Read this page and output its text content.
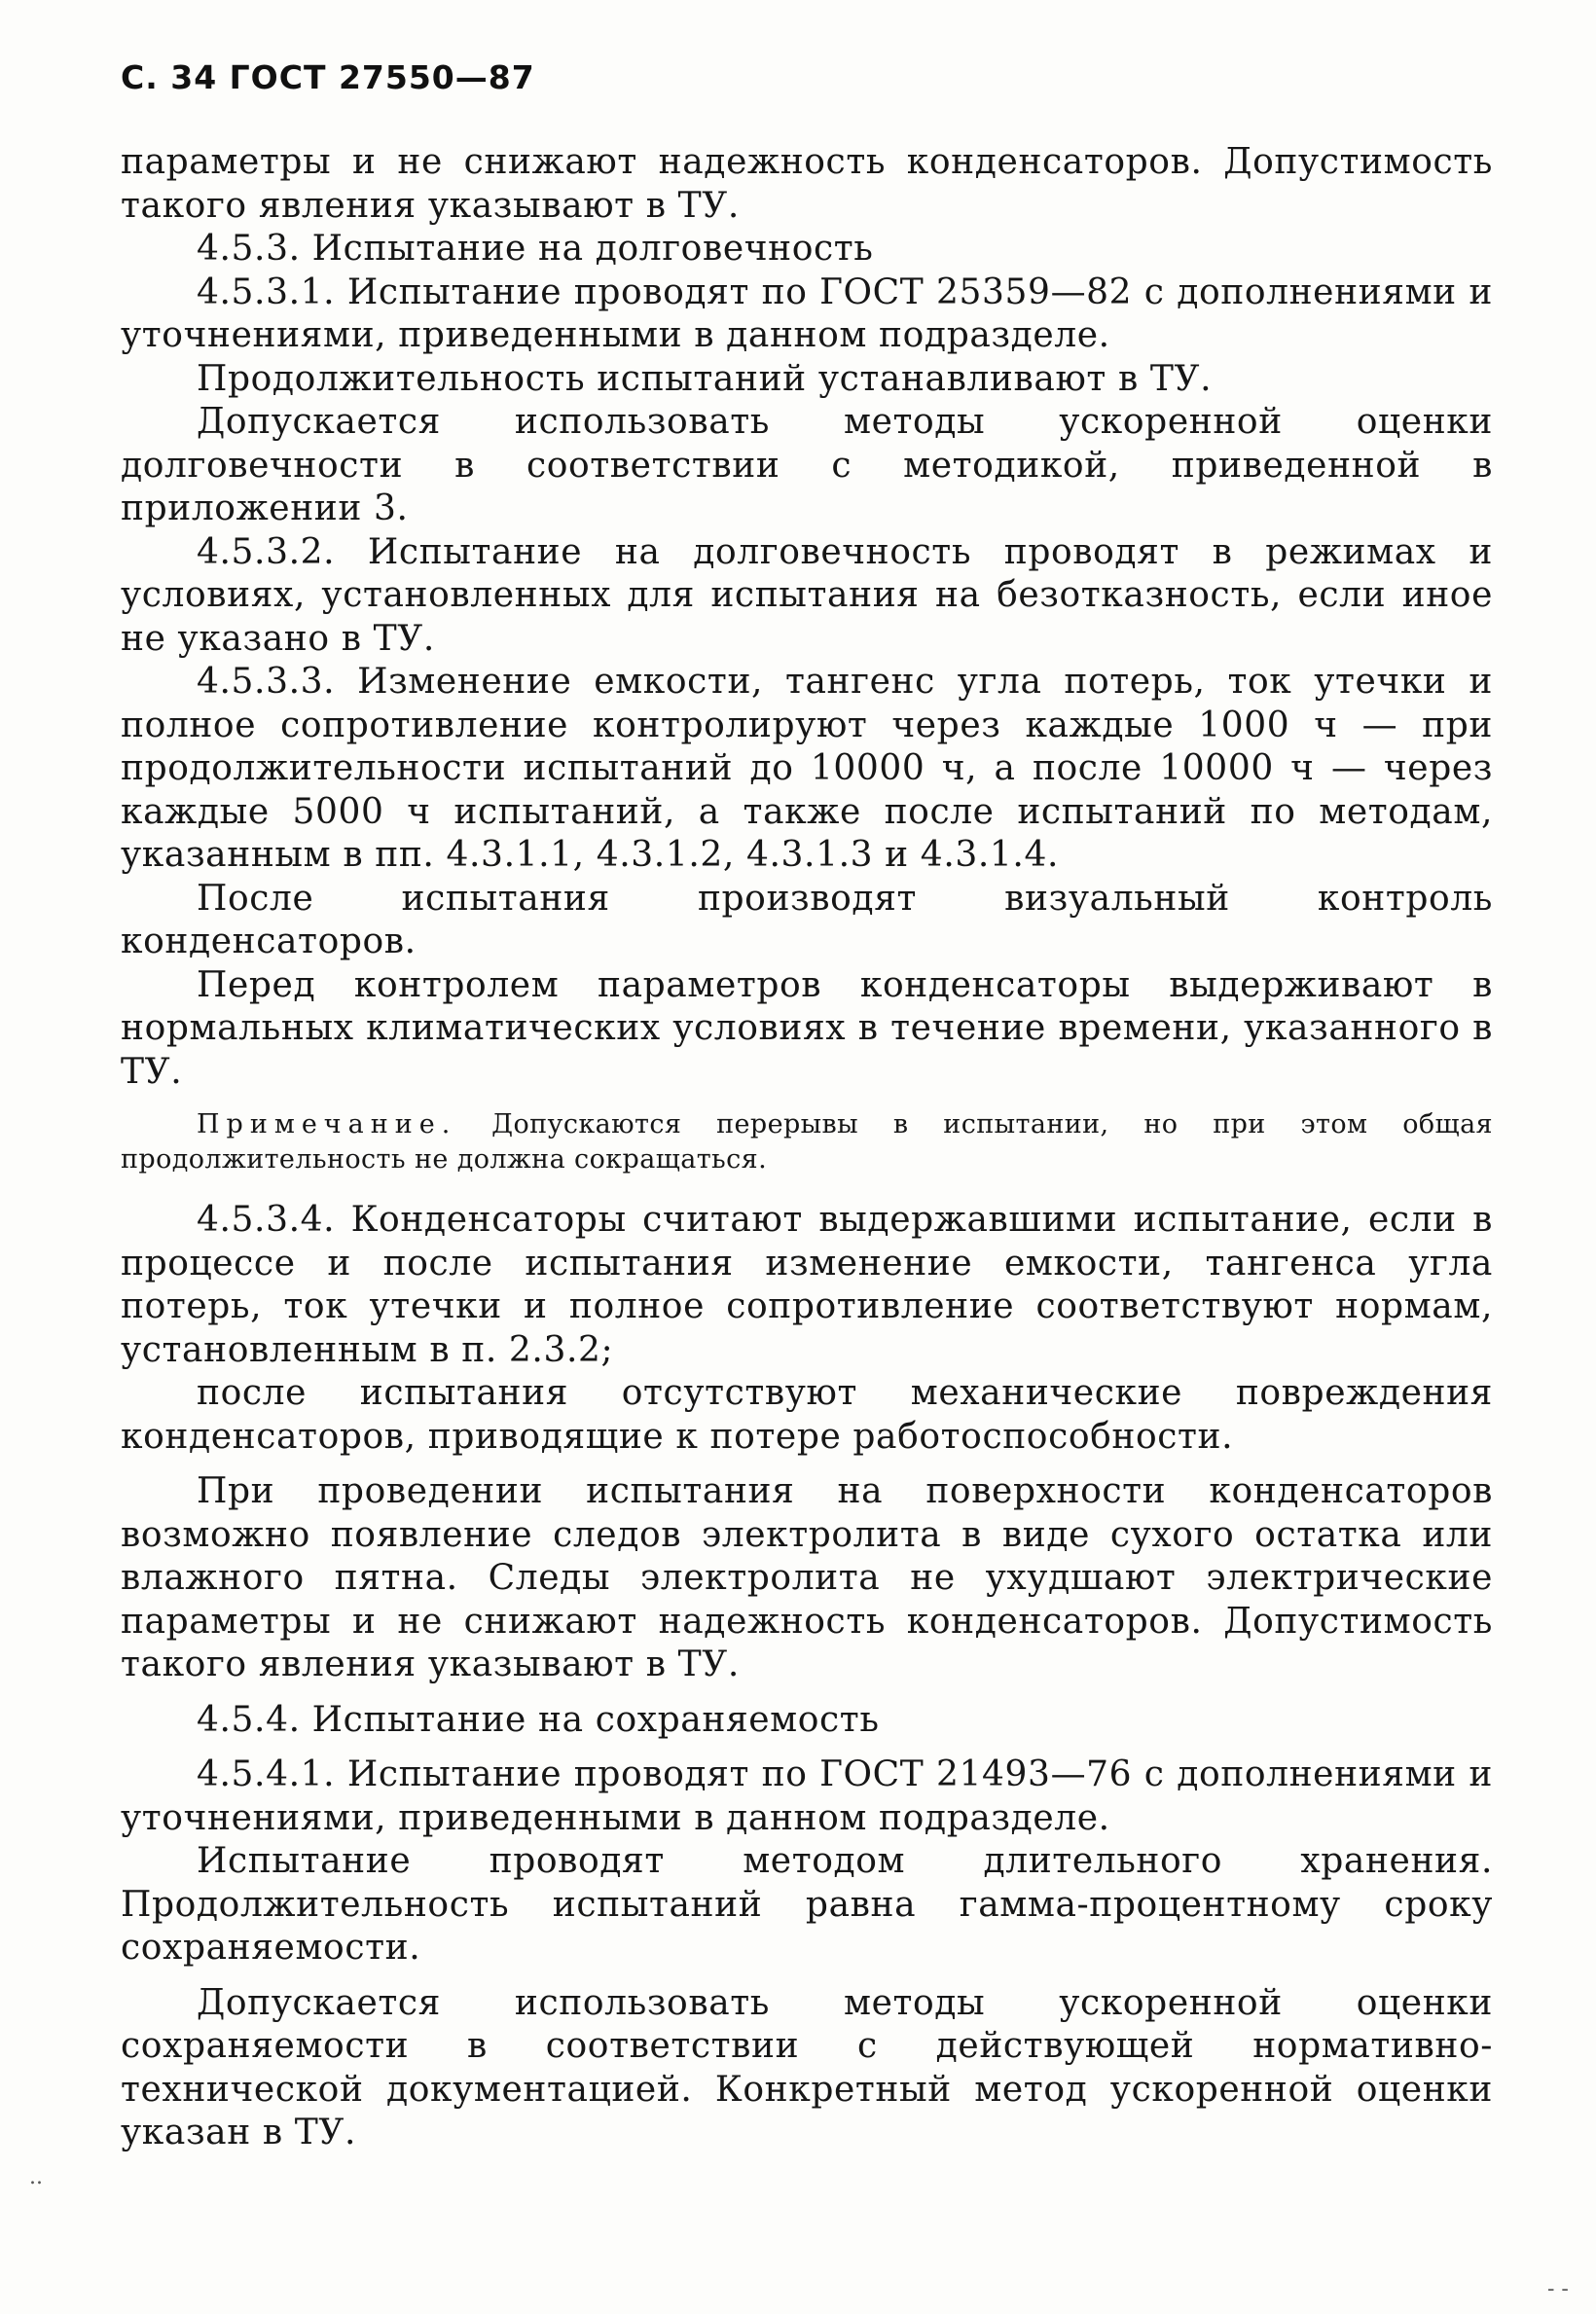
С. 34 ГОСТ 27550—87

параметры и не снижают надежность конденсаторов. Допустимость такого явления указывают в ТУ.

4.5.3. Испытание на долговечность

4.5.3.1. Испытание проводят по ГОСТ 25359—82 с дополнениями и уточнениями, приведенными в данном подразделе.

Продолжительность испытаний устанавливают в ТУ.

Допускается использовать методы ускоренной оценки долговечности в соответствии с методикой, приведенной в приложении 3.

4.5.3.2. Испытание на долговечность проводят в режимах и условиях, установленных для испытания на безотказность, если иное не указано в ТУ.

4.5.3.3. Изменение емкости, тангенс угла потерь, ток утечки и полное сопротивление контролируют через каждые 1000 ч — при продолжительности испытаний до 10000 ч, а после 10000 ч — через каждые 5000 ч испытаний, а также после испытаний по методам, указанным в пп. 4.3.1.1, 4.3.1.2, 4.3.1.3 и 4.3.1.4.

После испытания производят визуальный контроль конденсаторов.

Перед контролем параметров конденсаторы выдерживают в нормальных климатических условиях в течение времени, указанного в ТУ.

Примечание. Допускаются перерывы в испытании, но при этом общая продолжительность не должна сокращаться.

4.5.3.4. Конденсаторы считают выдержавшими испытание, если в процессе и после испытания изменение емкости, тангенса угла потерь, ток утечки и полное сопротивление соответствуют нормам, установленным в п. 2.3.2;

после испытания отсутствуют механические повреждения конденсаторов, приводящие к потере работоспособности.

При проведении испытания на поверхности конденсаторов возможно появление следов электролита в виде сухого остатка или влажного пятна. Следы электролита не ухудшают электрические параметры и не снижают надежность конденсаторов. Допустимость такого явления указывают в ТУ.

4.5.4. Испытание на сохраняемость

4.5.4.1. Испытание проводят по ГОСТ 21493—76 с дополнениями и уточнениями, приведенными в данном подразделе.

Испытание проводят методом длительного хранения. Продолжительность испытаний равна гамма-процентному сроку сохраняемости.

Допускается использовать методы ускоренной оценки сохраняемости в соответствии с действующей нормативно-технической документацией. Конкретный метод ускоренной оценки указан в ТУ.

..
- -
